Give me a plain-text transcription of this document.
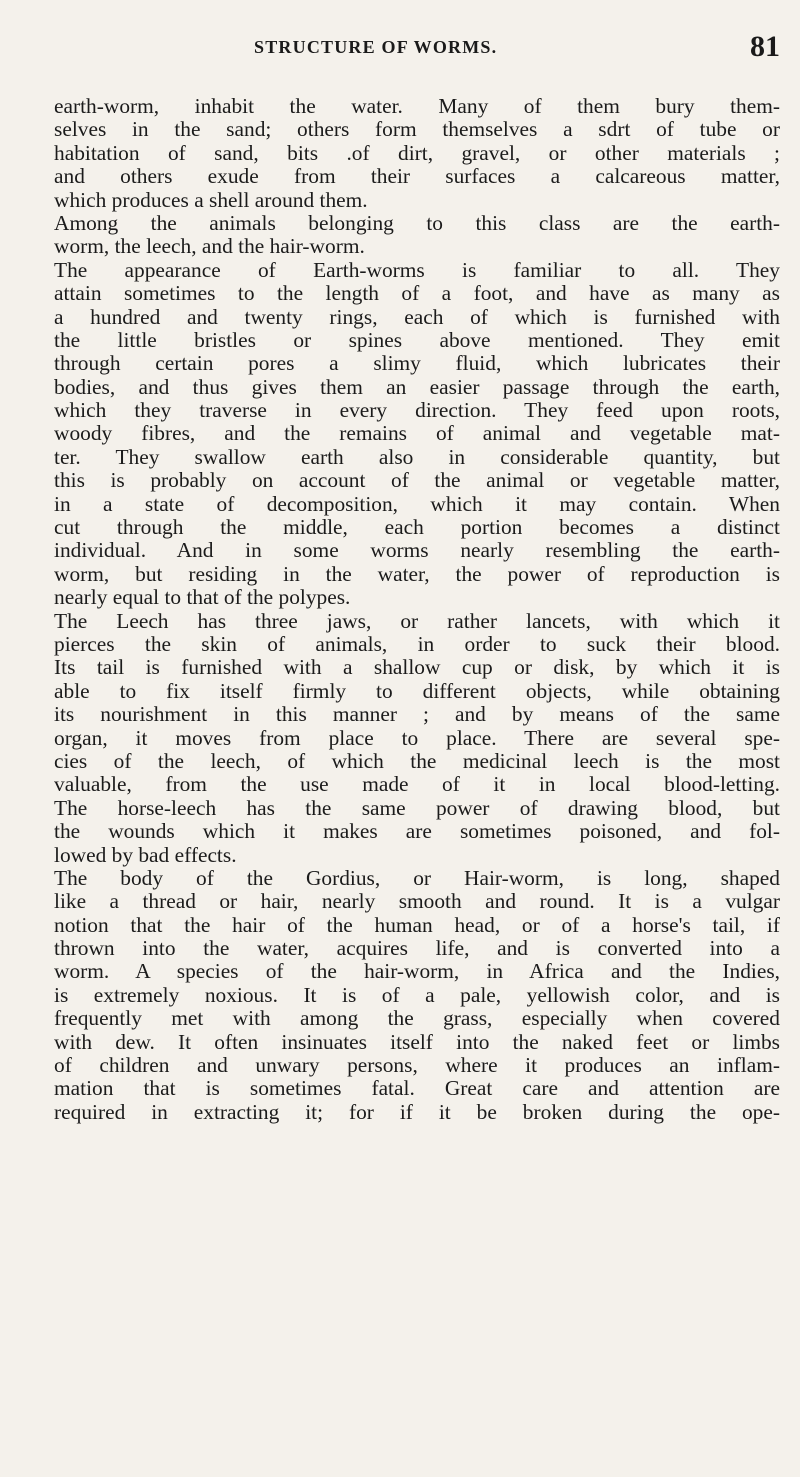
STRUCTURE OF WORMS.	81
earth-worm, inhabit the water. Many of them bury them-
selves in the sand; others form themselves a sdrt of tube or
habitation of sand, bits .of dirt, gravel, or other materials ;
and others exude from their surfaces a calcareous matter,
which produces a shell around them.
Among the animals belonging to this class are the earth-
worm, the leech, and the hair-worm.
The appearance of Earth-worms is familiar to all. They
attain sometimes to the length of a foot, and have as many as
a hundred and twenty rings, each of which is furnished with
the little bristles or spines above mentioned. They emit
through certain pores a slimy fluid, which lubricates their
bodies, and thus gives them an easier passage through the earth,
which they traverse in every direction. They feed upon roots,
woody fibres, and the remains of animal and vegetable mat-
ter. They swallow earth also in considerable quantity, but
this is probably on account of the animal or vegetable matter,
in a state of decomposition, which it may contain. When
cut through the middle, each portion becomes a distinct
individual. And in some worms nearly resembling the earth-
worm, but residing in the water, the power of reproduction is
nearly equal to that of the polypes.
The Leech has three jaws, or rather lancets, with which it
pierces the skin of animals, in order to suck their blood.
Its tail is furnished with a shallow cup or disk, by which it is
able to fix itself firmly to different objects, while obtaining
its nourishment in this manner ; and by means of the same
organ, it moves from place to place. There are several spe-
cies of the leech, of which the medicinal leech is the most
valuable, from the use made of it in local blood-letting.
The horse-leech has the same power of drawing blood, but
the wounds which it makes are sometimes poisoned, and fol-
lowed by bad effects.
The body of the Gordius, or Hair-worm, is long, shaped
like a thread or hair, nearly smooth and round. It is a vulgar
notion that the hair of the human head, or of a horse's tail, if
thrown into the water, acquires life, and is converted into a
worm. A species of the hair-worm, in Africa and the Indies,
is extremely noxious. It is of a pale, yellowish color, and is
frequently met with among the grass, especially when covered
with dew. It often insinuates itself into the naked feet or limbs
of children and unwary persons, where it produces an inflam-
mation that is sometimes fatal. Great care and attention are
required in extracting it; for if it be broken during the ope-
